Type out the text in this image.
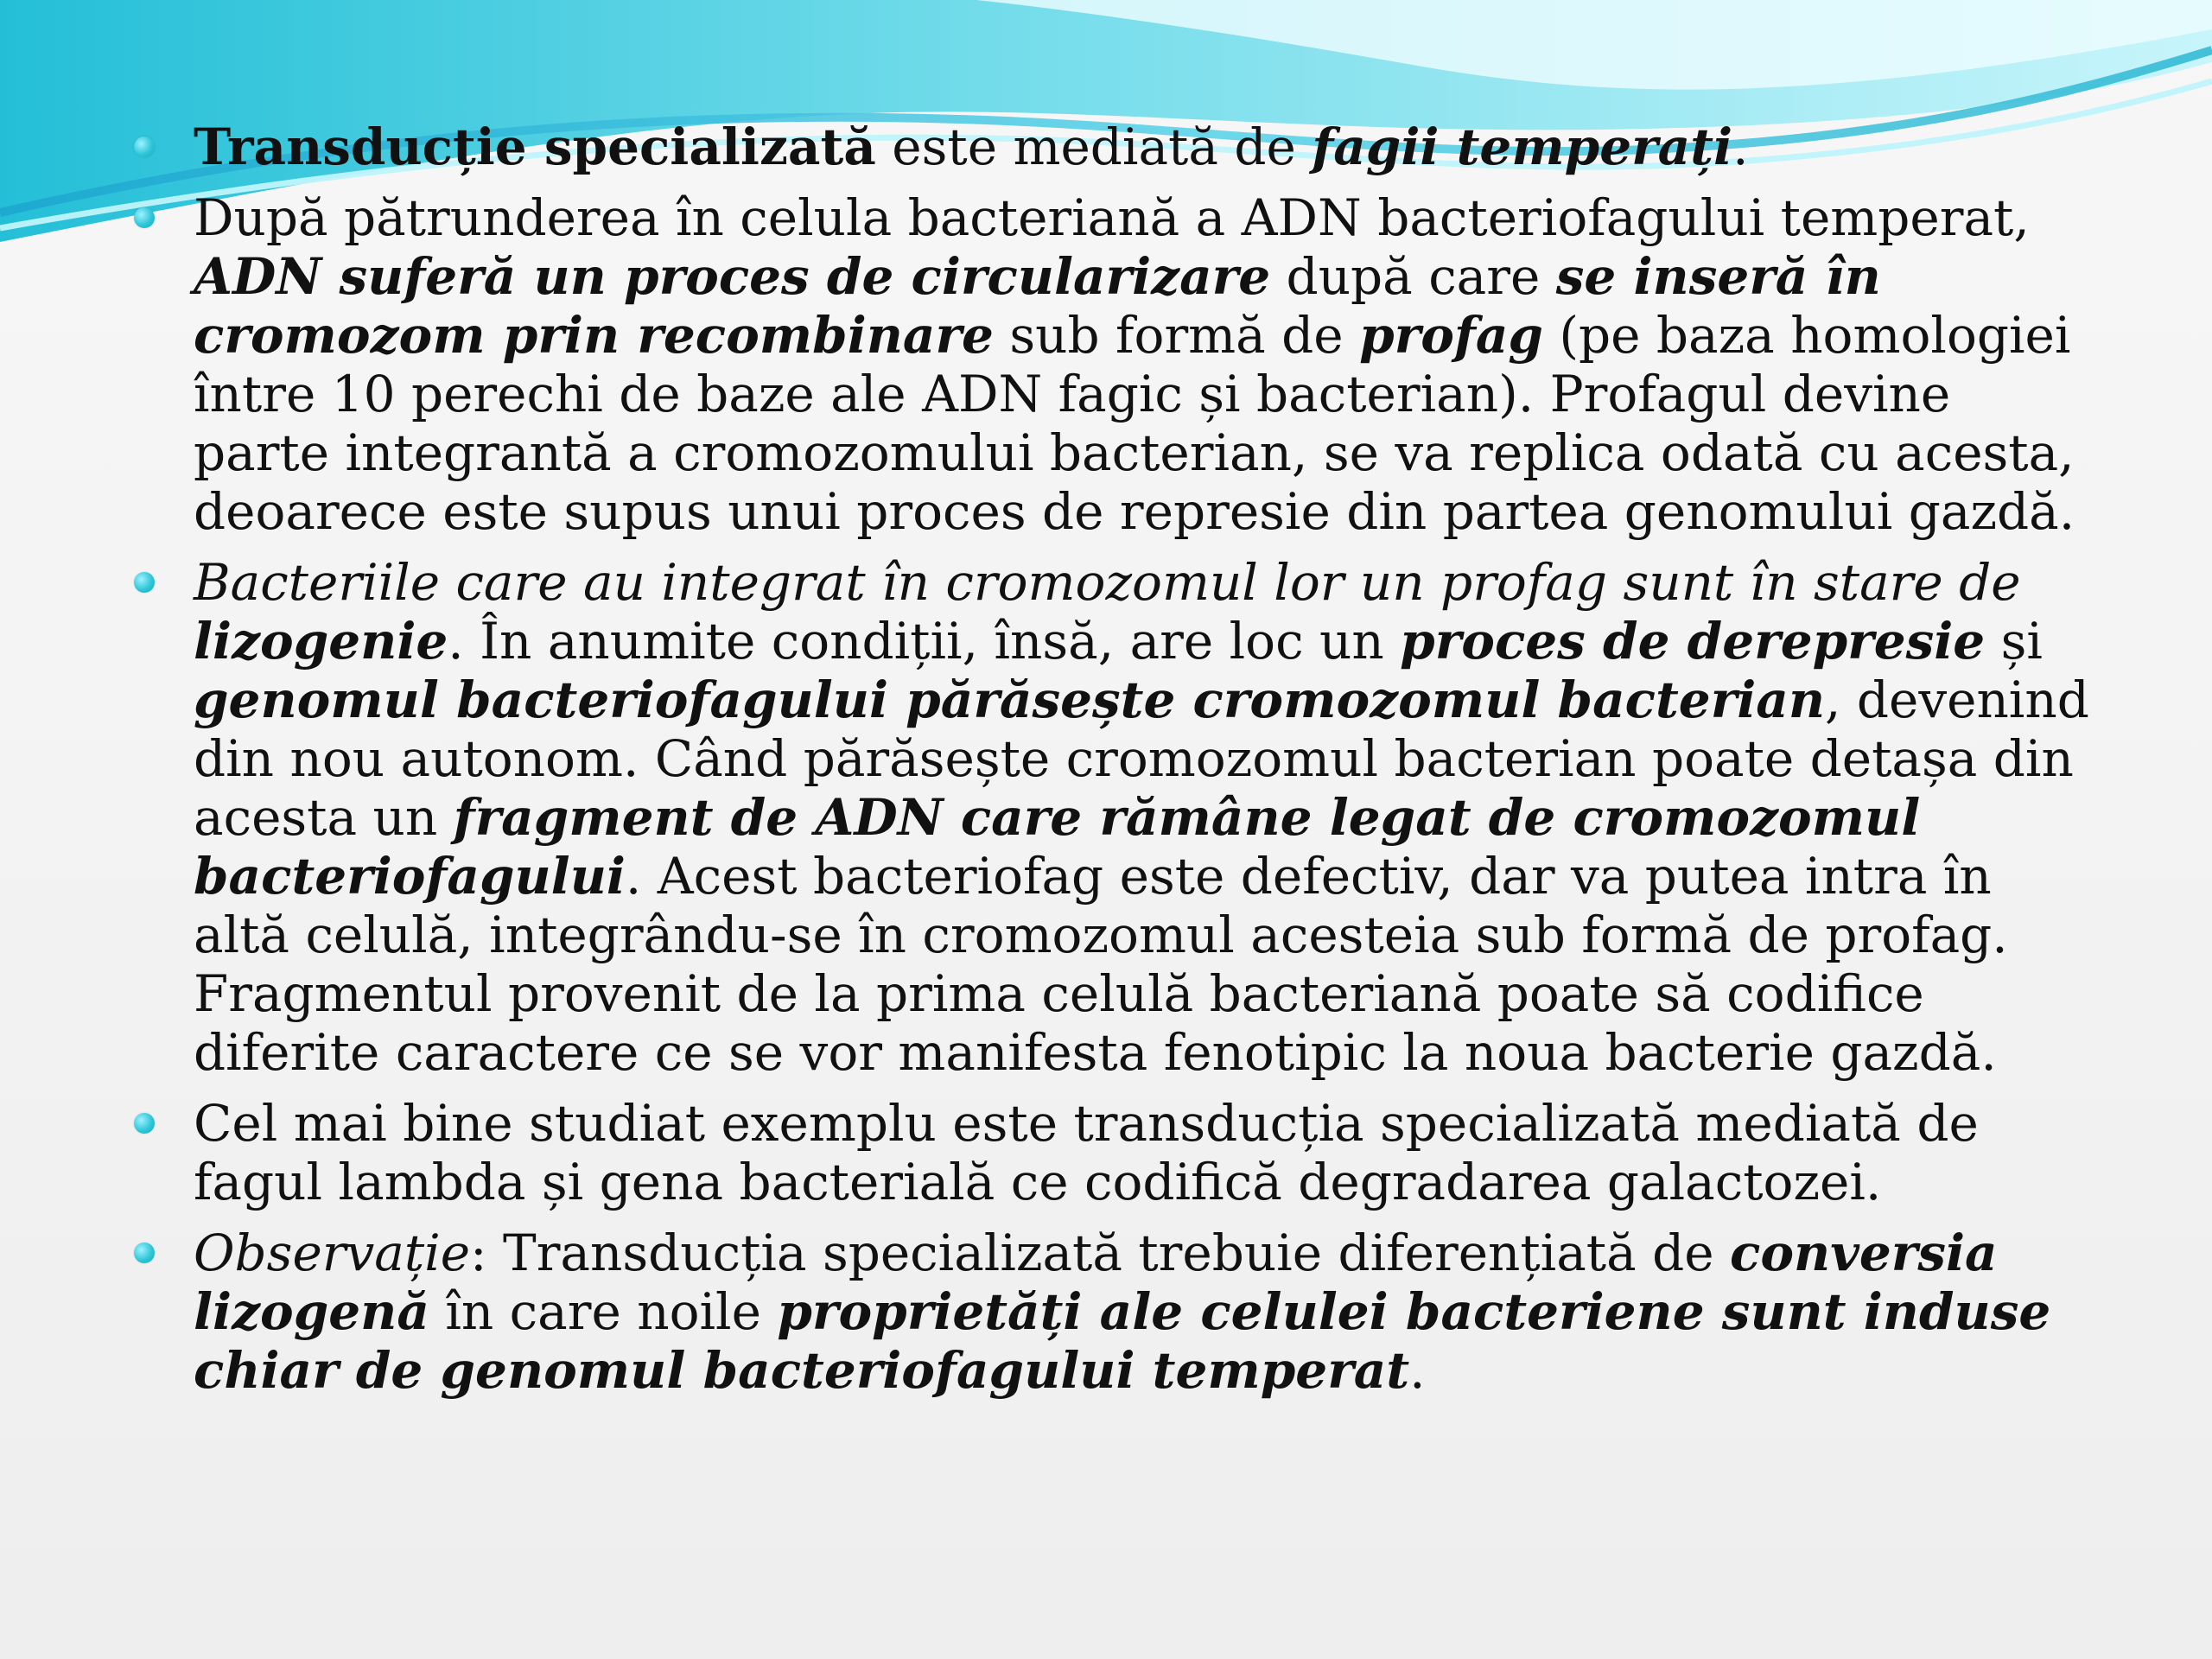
Transducție specializată este mediată de fagii temperați.
După pătrunderea în celula bacteriană a ADN bacteriofagului temperat, ADN suferă un proces de circularizare după care se inseră în cromozom prin recombinare sub formă de profag (pe baza homologiei între 10 perechi de baze ale ADN fagic și bacterian). Profagul devine parte integrantă a cromozomului bacterian, se va replica odată cu acesta, deoarece este supus unui proces de represie din partea genomului gazdă.
Bacteriile care au integrat în cromozomul lor un profag sunt în stare de lizogenie. În anumite condiții, însă, are loc un proces de derepresie și genomul bacteriofagului părăsește cromozomul bacterian, devenind din nou autonom. Când părăsește cromozomul bacterian poate detașa din acesta un fragment de ADN care rămâne legat de cromozomul bacteriofagului. Acest bacteriofag este defectiv, dar va putea intra în altă celulă, integrându-se în cromozomul acesteia sub formă de profag. Fragmentul provenit de la prima celulă bacteriană poate să codifice diferite caractere ce se vor manifesta fenotipic la noua bacterie gazdă.
Cel mai bine studiat exemplu este transducția specializată mediată de fagul lambda și gena bacterială ce codifică degradarea galactozei.
Observație: Transducția specializată trebuie diferențiată de conversia lizogenă în care noile proprietăți ale celulei bacteriene sunt induse chiar de genomul bacteriofagului temperat.
